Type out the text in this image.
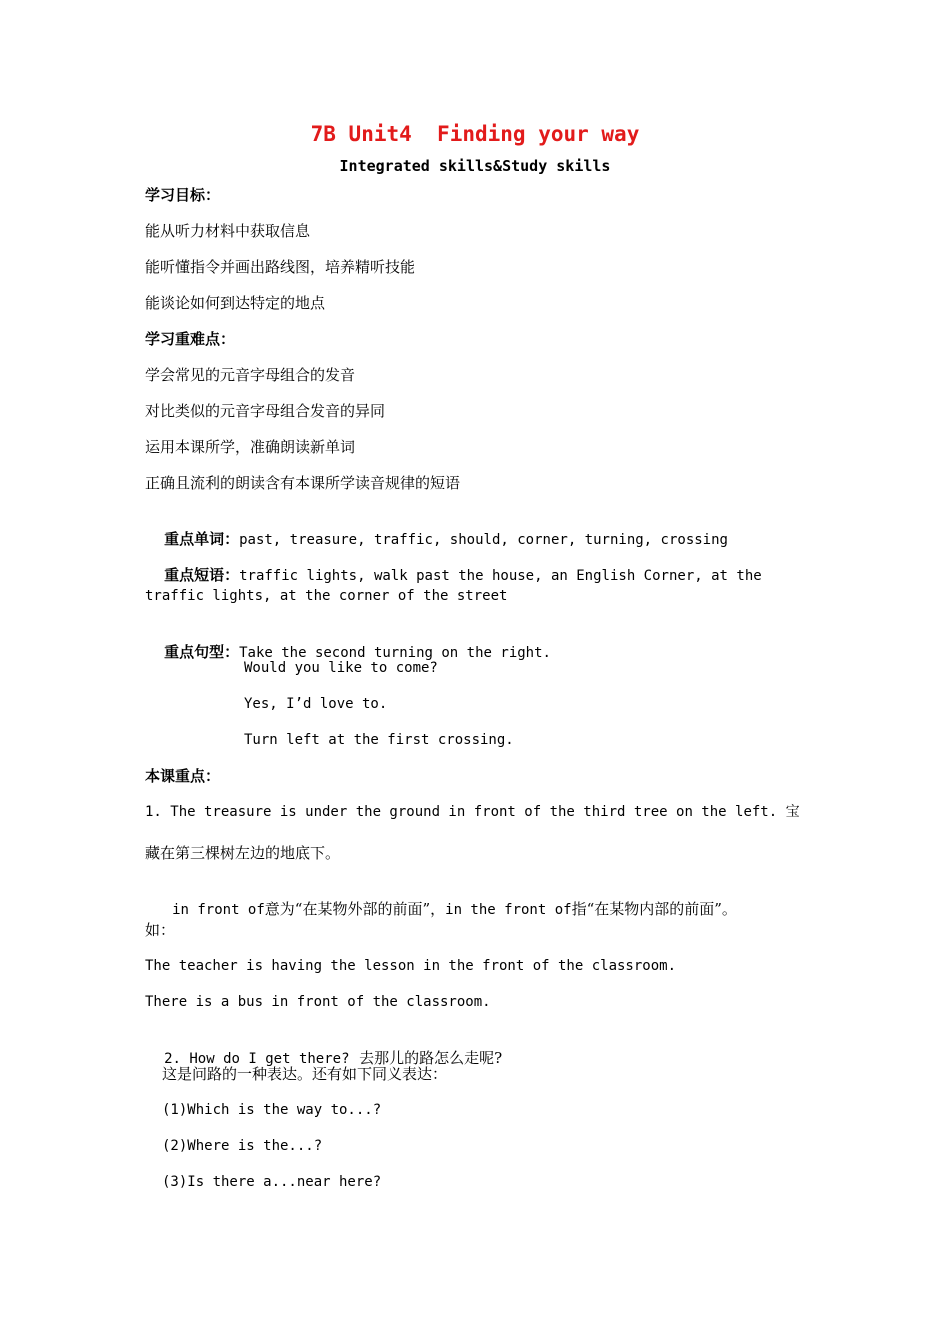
7B Unit4  Finding your way
Integrated skills&Study skills
学习目标：
能从听力材料中获取信息
能听懂指令并画出路线图，培养精听技能
能谈论如何到达特定的地点
学习重难点：
学会常见的元音字母组合的发音
对比类似的元音字母组合发音的异同
运用本课所学，准确朗读新单词
正确且流利的朗读含有本课所学读音规律的短语

重点单词：past, treasure, traffic, should, corner, turning, crossing

重点短语：traffic lights, walk past the house, an English Corner, at the

traffic lights, at the corner of the street

重点句型：Take the second turning on the right.

Would you like to come?
Yes, I’d love to.
Turn left at the first crossing.
本课重点：
1. The treasure is under the ground in front of the third tree on the left. 宝
藏在第三棵树左边的地底下。

in front of意为“在某物外部的前面”，in the front of指“在某物内部的前面”。

如：
The teacher is having the lesson in the front of the classroom.
There is a bus in front of the classroom.

2. How do I get there? 去那儿的路怎么走呢?

这是问路的一种表达。还有如下同义表达：
(1)Which is the way to...?
(2)Where is the...?
(3)Is there a...near here?
